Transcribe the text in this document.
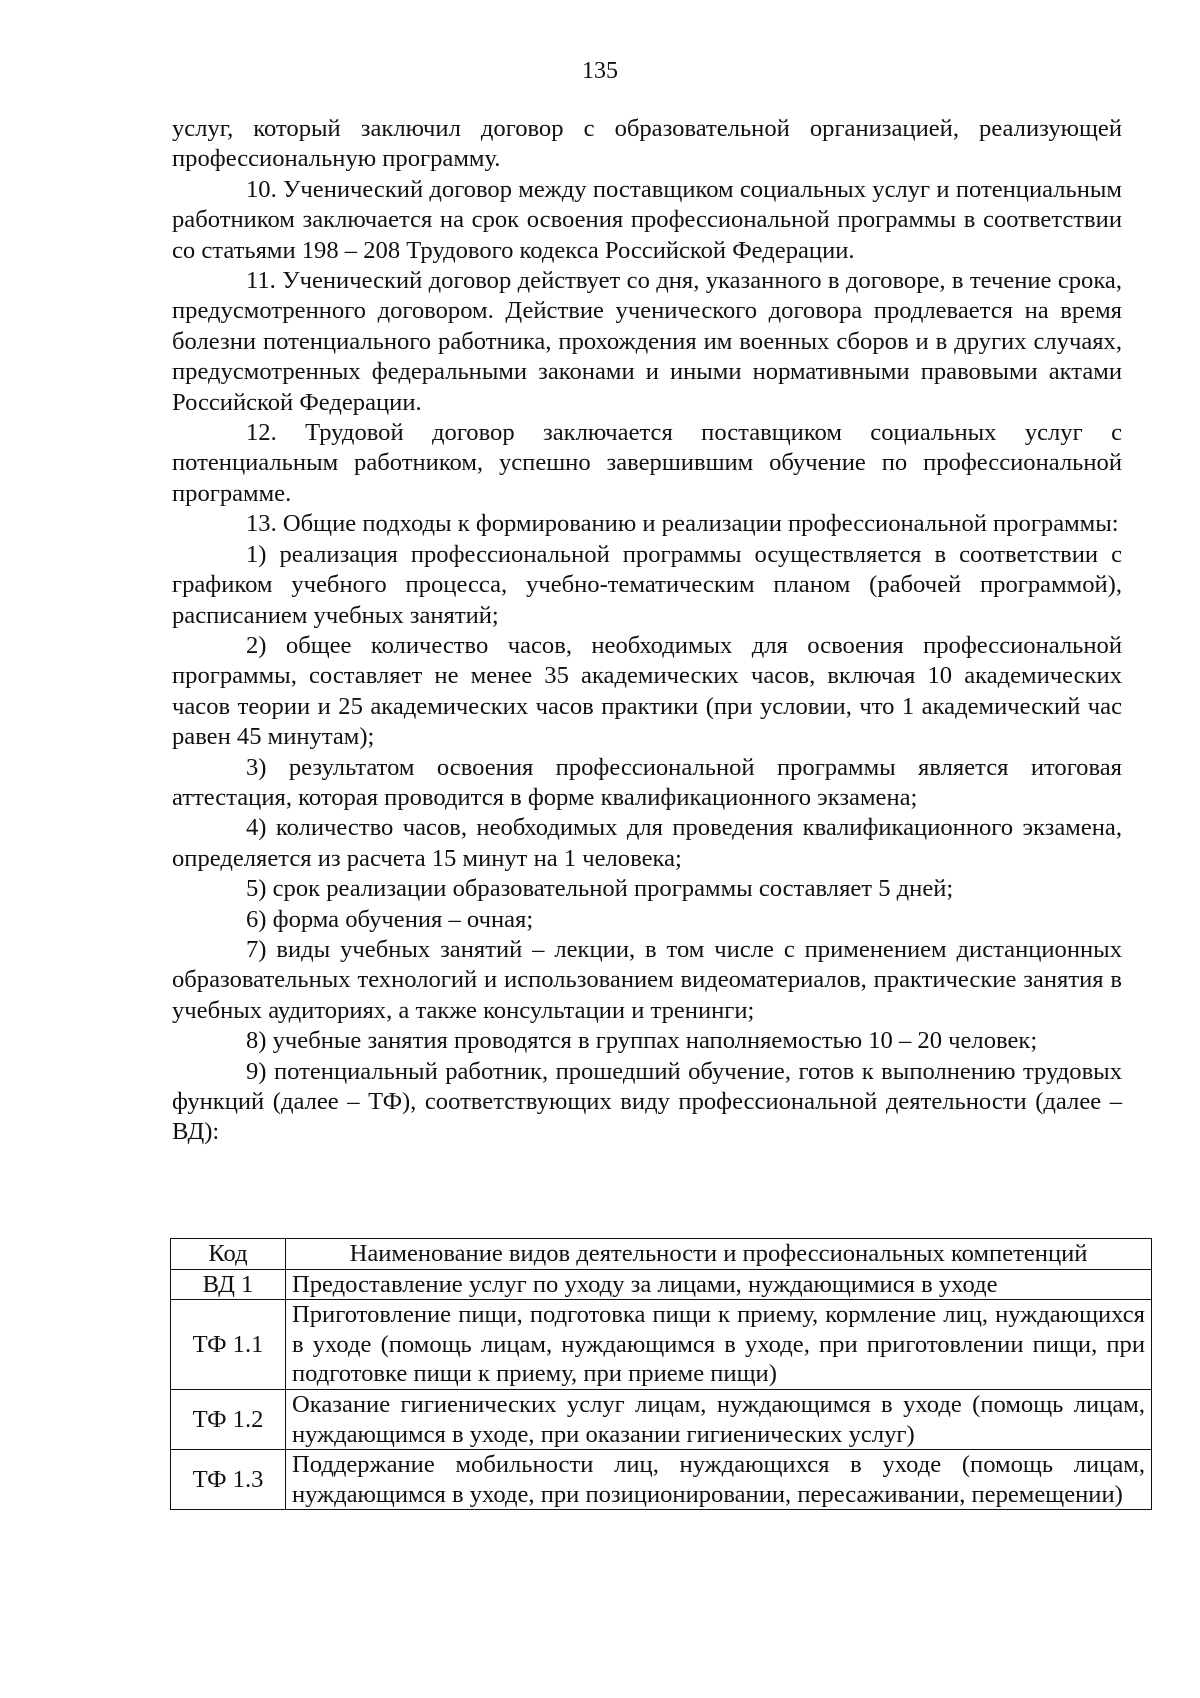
135

услуг, который заключил договор с образовательной организацией, реализующей профессиональную программу.

10. Ученический договор между поставщиком социальных услуг и потенциальным работником заключается на срок освоения профессиональной программы в соответствии со статьями 198 – 208 Трудового кодекса Российской Федерации.

11. Ученический договор действует со дня, указанного в договоре, в течение срока, предусмотренного договором. Действие ученического договора продлевается на время болезни потенциального работника, прохождения им военных сборов и в других случаях, предусмотренных федеральными законами и иными нормативными правовыми актами Российской Федерации.

12. Трудовой договор заключается поставщиком социальных услуг с потенциальным работником, успешно завершившим обучение по профессиональной программе.

13. Общие подходы к формированию и реализации профессиональной программы:

1) реализация профессиональной программы осуществляется в соответствии с графиком учебного процесса, учебно-тематическим планом (рабочей программой), расписанием учебных занятий;

2) общее количество часов, необходимых для освоения профессиональной программы, составляет не менее 35 академических часов, включая 10 академических часов теории и 25 академических часов практики (при условии, что 1 академический час равен 45 минутам);

3) результатом освоения профессиональной программы является итоговая аттестация, которая проводится в форме квалификационного экзамена;

4) количество часов, необходимых для проведения квалификационного экзамена, определяется из расчета 15 минут на 1 человека;

5) срок реализации образовательной программы составляет 5 дней;

6) форма обучения – очная;

7) виды учебных занятий – лекции, в том числе с применением дистанционных образовательных технологий и использованием видеоматериалов, практические занятия в учебных аудиториях, а также консультации и тренинги;

8) учебные занятия проводятся в группах наполняемостью 10 – 20 человек;

9) потенциальный работник, прошедший обучение, готов к выполнению трудовых функций (далее – ТФ), соответствующих виду профессиональной деятельности (далее – ВД):

Код	Наименование видов деятельности и профессиональных компетенций
ВД 1	Предоставление услуг по уходу за лицами, нуждающимися в уходе
ТФ 1.1	Приготовление пищи, подготовка пищи к приему, кормление лиц, нуждающихся в уходе (помощь лицам, нуждающимся в уходе, при приготовлении пищи, при подготовке пищи к приему, при приеме пищи)
ТФ 1.2	Оказание гигиенических услуг лицам, нуждающимся в уходе (помощь лицам, нуждающимся в уходе, при оказании гигиенических услуг)
ТФ 1.3	Поддержание мобильности лиц, нуждающихся в уходе (помощь лицам, нуждающимся в уходе, при позиционировании, пересаживании, перемещении)
